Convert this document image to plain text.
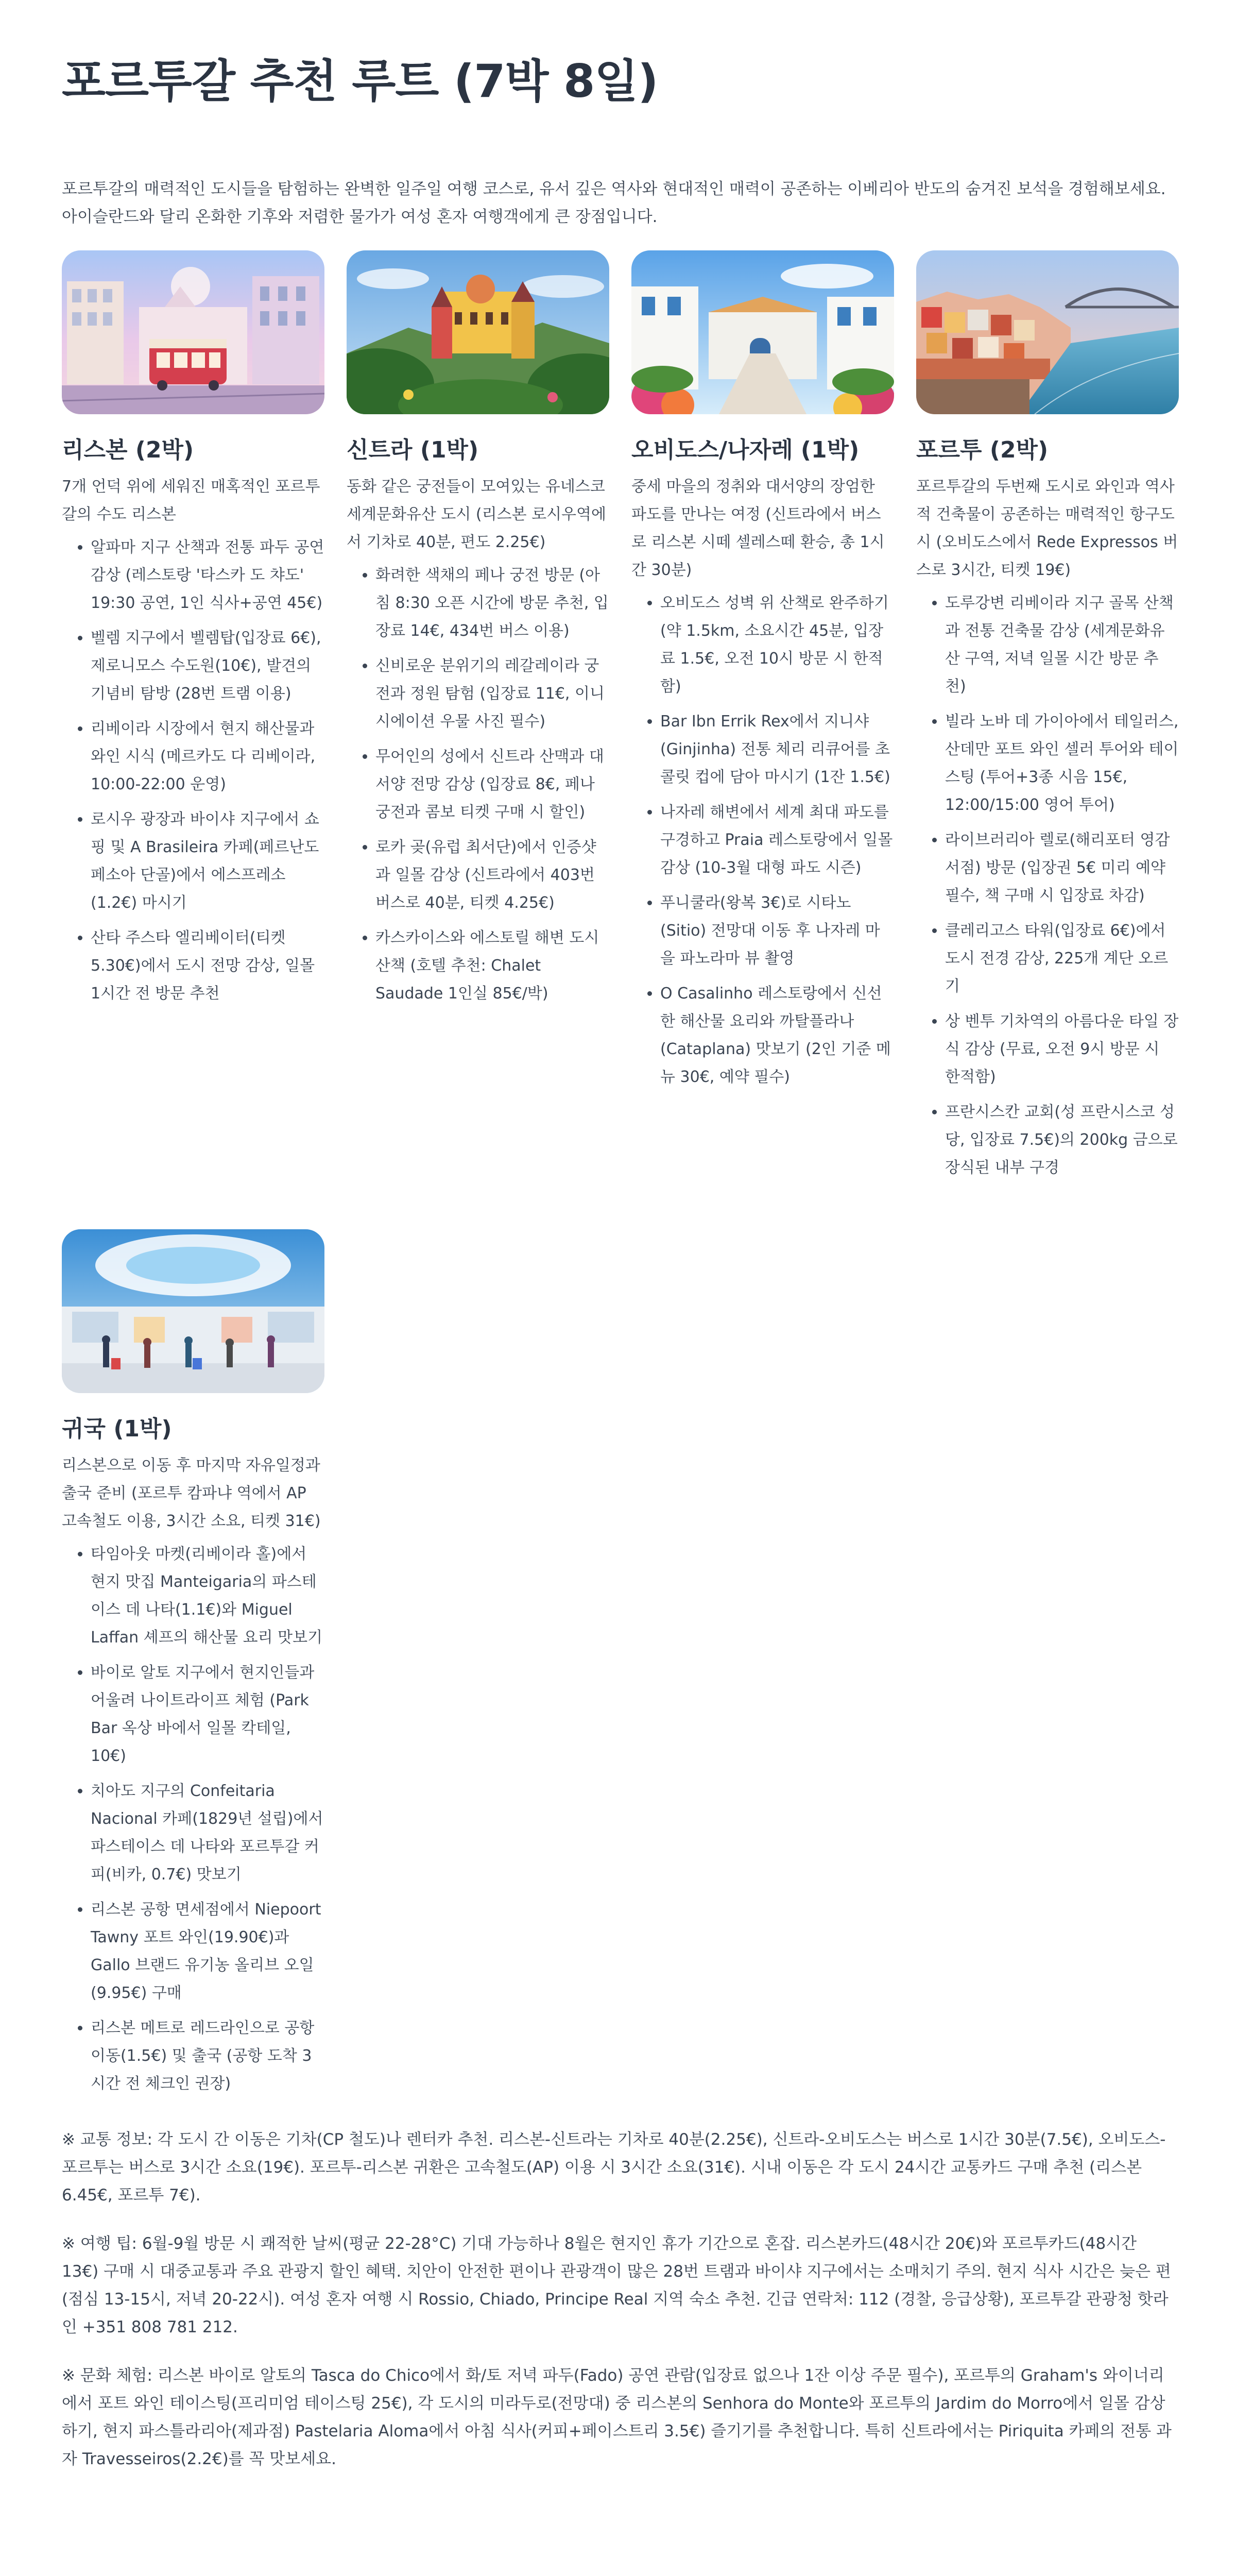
포르투갈 추천 루트 (7박 8일)

포르투갈의 매력적인 도시들을 탐험하는 완벽한 일주일 여행 코스로, 유서 깊은 역사와 현대적인 매력이 공존하는 이베리아 반도의 숨겨진 보석을 경험해보세요. 아이슬란드와 달리 온화한 기후와 저렴한 물가가 여성 혼자 여행객에게 큰 장점입니다.

리스본 (2박)

7개 언덕 위에 세워진 매혹적인 포르투갈의 수도 리스본

• 알파마 지구 산책과 전통 파두 공연 감상 (레스토랑 '타스카 도 챠도' 19:30 공연, 1인 식사+공연 45€)
• 벨렘 지구에서 벨렘탑(입장료 6€), 제로니모스 수도원(10€), 발견의 기념비 탐방 (28번 트램 이용)
• 리베이라 시장에서 현지 해산물과 와인 시식 (메르카도 다 리베이라, 10:00-22:00 운영)
• 로시우 광장과 바이샤 지구에서 쇼핑 및 A Brasileira 카페(페르난도 페소아 단골)에서 에스프레소(1.2€) 마시기
• 산타 주스타 엘리베이터(티켓 5.30€)에서 도시 전망 감상, 일몰 1시간 전 방문 추천
신트라 (1박)

동화 같은 궁전들이 모여있는 유네스코 세계문화유산 도시 (리스본 로시우역에서 기차로 40분, 편도 2.25€)

• 화려한 색채의 페나 궁전 방문 (아침 8:30 오픈 시간에 방문 추천, 입장료 14€, 434번 버스 이용)
• 신비로운 분위기의 레갈레이라 궁전과 정원 탐험 (입장료 11€, 이니시에이션 우물 사진 필수)
• 무어인의 성에서 신트라 산맥과 대서양 전망 감상 (입장료 8€, 페나 궁전과 콤보 티켓 구매 시 할인)
• 로카 곶(유럽 최서단)에서 인증샷과 일몰 감상 (신트라에서 403번 버스로 40분, 티켓 4.25€)
• 카스카이스와 에스토릴 해변 도시 산책 (호텔 추천: Chalet Saudade 1인실 85€/박)
오비도스/나자레 (1박)

중세 마을의 정취와 대서양의 장엄한 파도를 만나는 여정 (신트라에서 버스로 리스본 시떼 셀레스떼 환승, 총 1시간 30분)

• 오비도스 성벽 위 산책로 완주하기 (약 1.5km, 소요시간 45분, 입장료 1.5€, 오전 10시 방문 시 한적함)
• Bar Ibn Errik Rex에서 지니샤(Ginjinha) 전통 체리 리큐어를 초콜릿 컵에 담아 마시기 (1잔 1.5€)
• 나자레 해변에서 세계 최대 파도를 구경하고 Praia 레스토랑에서 일몰 감상 (10-3월 대형 파도 시즌)
• 푸니쿨라(왕복 3€)로 시타노(Sitio) 전망대 이동 후 나자레 마을 파노라마 뷰 촬영
• O Casalinho 레스토랑에서 신선한 해산물 요리와 까탈플라나(Cataplana) 맛보기 (2인 기준 메뉴 30€, 예약 필수)
포르투 (2박)

포르투갈의 두번째 도시로 와인과 역사적 건축물이 공존하는 매력적인 항구도시 (오비도스에서 Rede Expressos 버스로 3시간, 티켓 19€)

• 도루강변 리베이라 지구 골목 산책과 전통 건축물 감상 (세계문화유산 구역, 저녁 일몰 시간 방문 추천)
• 빌라 노바 데 가이아에서 테일러스, 산데만 포트 와인 셀러 투어와 테이스팅 (투어+3종 시음 15€, 12:00/15:00 영어 투어)
• 라이브러리아 렐로(해리포터 영감 서점) 방문 (입장권 5€ 미리 예약 필수, 책 구매 시 입장료 차감)
• 클레리고스 타워(입장료 6€)에서 도시 전경 감상, 225개 계단 오르기
• 상 벤투 기차역의 아름다운 타일 장식 감상 (무료, 오전 9시 방문 시 한적함)
• 프란시스칸 교회(성 프란시스코 성당, 입장료 7.5€)의 200kg 금으로 장식된 내부 구경
귀국 (1박)

리스본으로 이동 후 마지막 자유일정과 출국 준비 (포르투 캄파냐 역에서 AP 고속철도 이용, 3시간 소요, 티켓 31€)

• 타임아웃 마켓(리베이라 홀)에서 현지 맛집 Manteigaria의 파스테이스 데 나타(1.1€)와 Miguel Laffan 셰프의 해산물 요리 맛보기
• 바이로 알토 지구에서 현지인들과 어울려 나이트라이프 체험 (Park Bar 옥상 바에서 일몰 칵테일, 10€)
• 치아도 지구의 Confeitaria Nacional 카페(1829년 설립)에서 파스테이스 데 나타와 포르투갈 커피(비카, 0.7€) 맛보기
• 리스본 공항 면세점에서 Niepoort Tawny 포트 와인(19.90€)과 Gallo 브랜드 유기농 올리브 오일(9.95€) 구매
• 리스본 메트로 레드라인으로 공항 이동(1.5€) 및 출국 (공항 도착 3시간 전 체크인 권장)

※ 교통 정보: 각 도시 간 이동은 기차(CP 철도)나 렌터카 추천. 리스본-신트라는 기차로 40분(2.25€), 신트라-오비도스는 버스로 1시간 30분(7.5€), 오비도스-포르투는 버스로 3시간 소요(19€). 포르투-리스본 귀환은 고속철도(AP) 이용 시 3시간 소요(31€). 시내 이동은 각 도시 24시간 교통카드 구매 추천 (리스본 6.45€, 포르투 7€).

※ 여행 팁: 6월-9월 방문 시 쾌적한 날씨(평균 22-28°C) 기대 가능하나 8월은 현지인 휴가 기간으로 혼잡. 리스본카드(48시간 20€)와 포르투카드(48시간 13€) 구매 시 대중교통과 주요 관광지 할인 혜택. 치안이 안전한 편이나 관광객이 많은 28번 트램과 바이샤 지구에서는 소매치기 주의. 현지 식사 시간은 늦은 편(점심 13-15시, 저녁 20-22시). 여성 혼자 여행 시 Rossio, Chiado, Principe Real 지역 숙소 추천. 긴급 연락처: 112 (경찰, 응급상황), 포르투갈 관광청 핫라인 +351 808 781 212.

※ 문화 체험: 리스본 바이로 알토의 Tasca do Chico에서 화/토 저녁 파두(Fado) 공연 관람(입장료 없으나 1잔 이상 주문 필수), 포르투의 Graham's 와이너리에서 포트 와인 테이스팅(프리미엄 테이스팅 25€), 각 도시의 미라두로(전망대) 중 리스본의 Senhora do Monte와 포르투의 Jardim do Morro에서 일몰 감상하기, 현지 파스틀라리아(제과점) Pastelaria Aloma에서 아침 식사(커피+페이스트리 3.5€) 즐기기를 추천합니다. 특히 신트라에서는 Piriquita 카페의 전통 과자 Travesseiros(2.2€)를 꼭 맛보세요.
